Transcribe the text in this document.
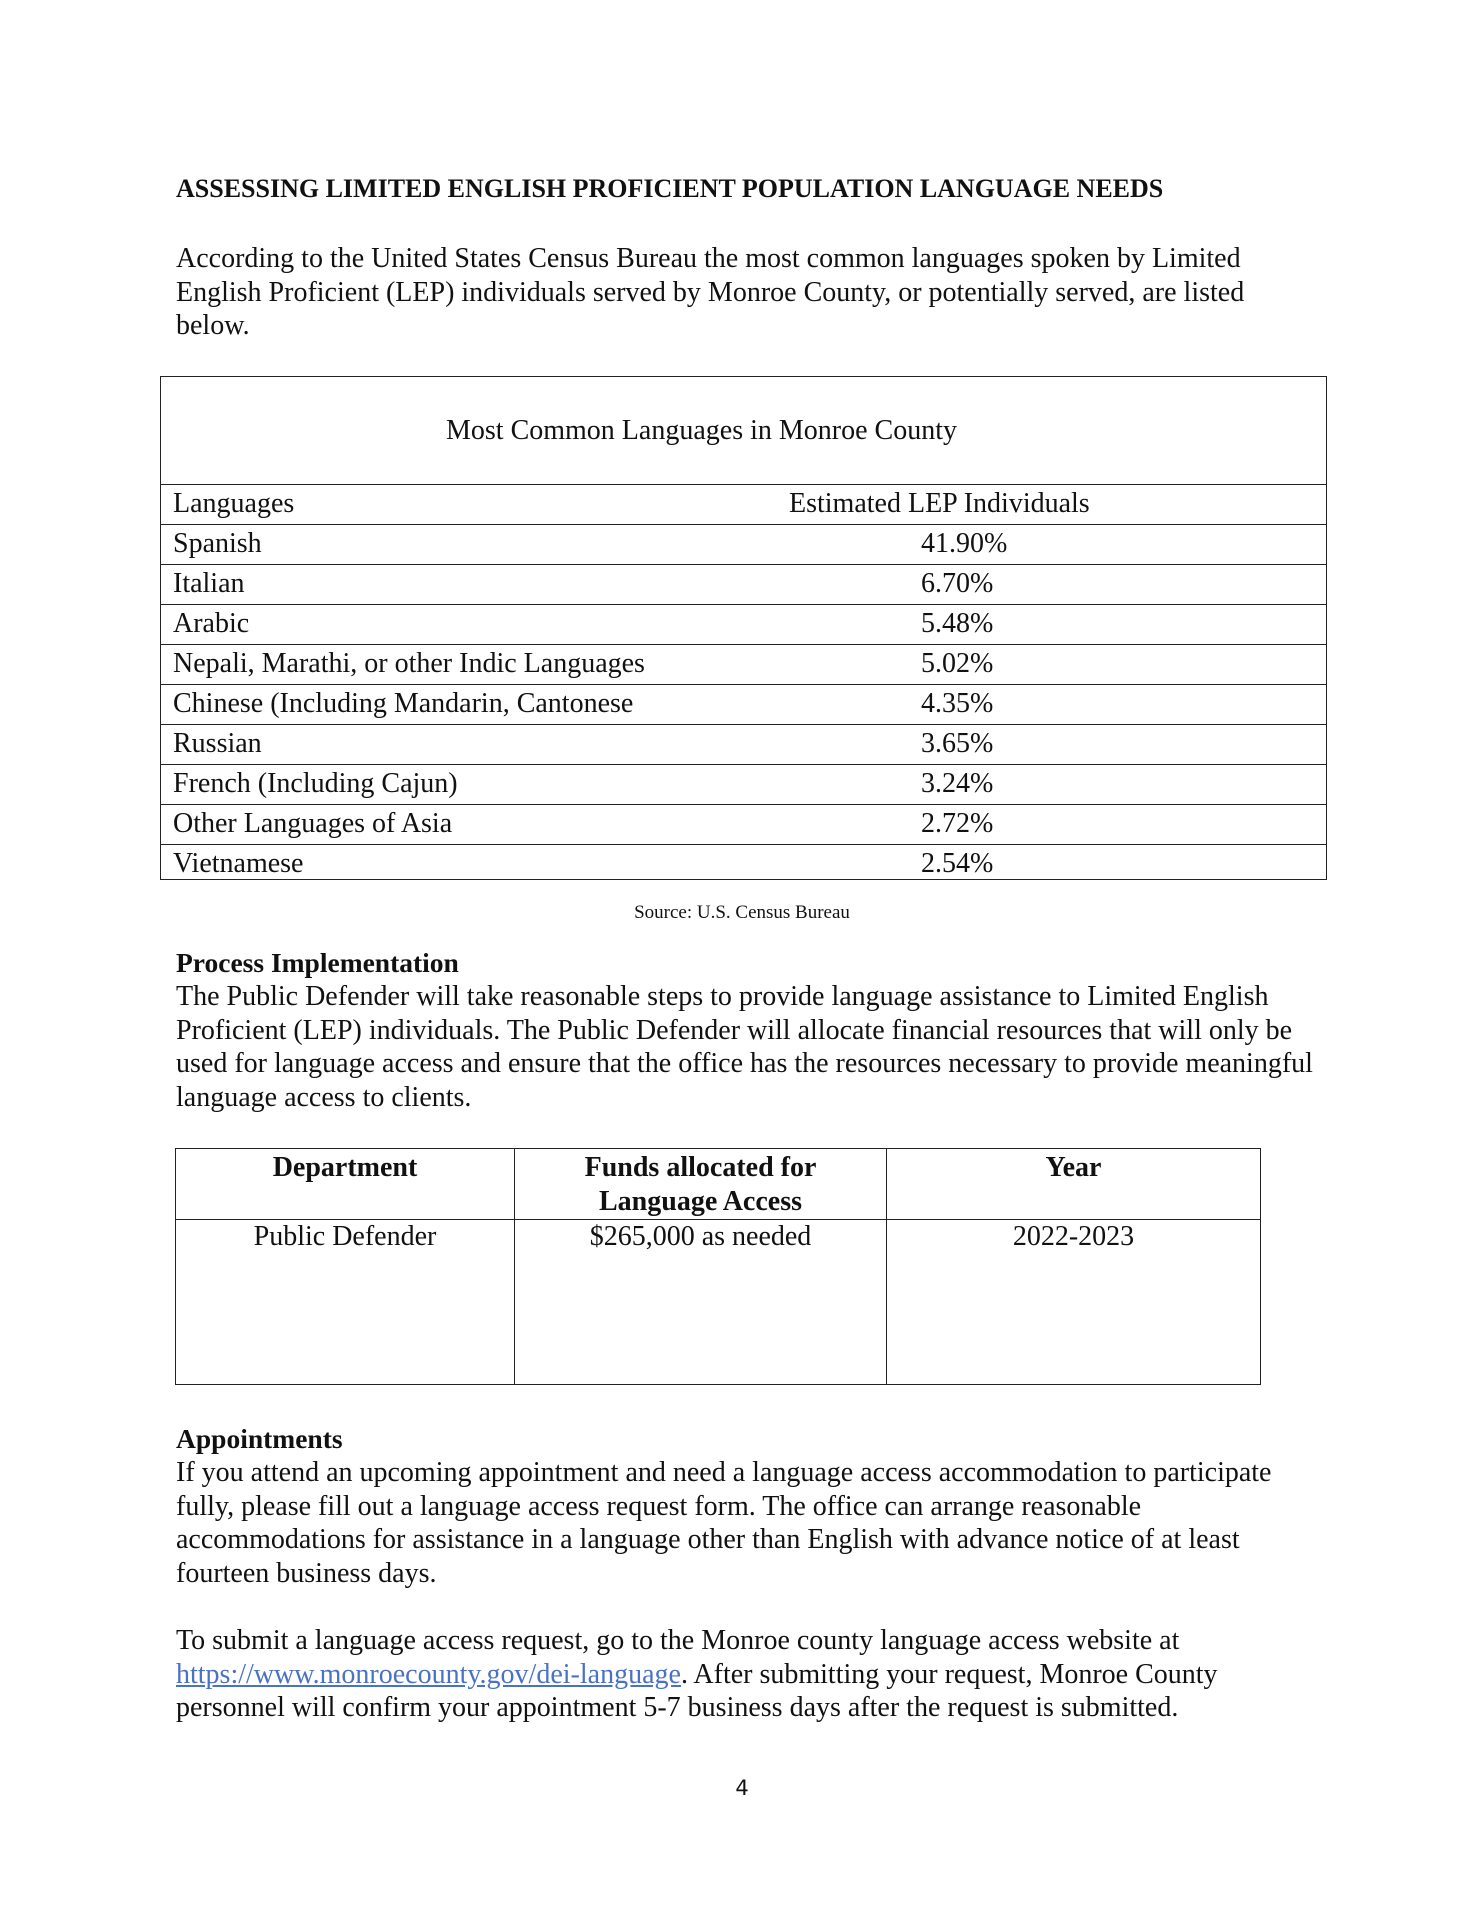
ASSESSING LIMITED ENGLISH PROFICIENT POPULATION LANGUAGE NEEDS
According to the United States Census Bureau the most common languages spoken by Limited English Proficient (LEP) individuals served by Monroe County, or potentially served, are listed below.
Most Common Languages in Monroe County
Languages	Estimated LEP Individuals
Spanish	41.90%
Italian	6.70%
Arabic	5.48%
Nepali, Marathi, or other Indic Languages	5.02%
Chinese (Including Mandarin, Cantonese	4.35%
Russian	3.65%
French (Including Cajun)	3.24%
Other Languages of Asia	2.72%
Vietnamese	2.54%
Source: U.S. Census Bureau
Process Implementation
The Public Defender will take reasonable steps to provide language assistance to Limited English Proficient (LEP) individuals. The Public Defender will allocate financial resources that will only be used for language access and ensure that the office has the resources necessary to provide meaningful language access to clients.
Department	Funds allocated for Language Access	Year
Public Defender	$265,000 as needed	2022-2023
Appointments
If you attend an upcoming appointment and need a language access accommodation to participate fully, please fill out a language access request form. The office can arrange reasonable accommodations for assistance in a language other than English with advance notice of at least fourteen business days.
To submit a language access request, go to the Monroe county language access website at https://www.monroecounty.gov/dei-language. After submitting your request, Monroe County personnel will confirm your appointment 5-7 business days after the request is submitted.
4
